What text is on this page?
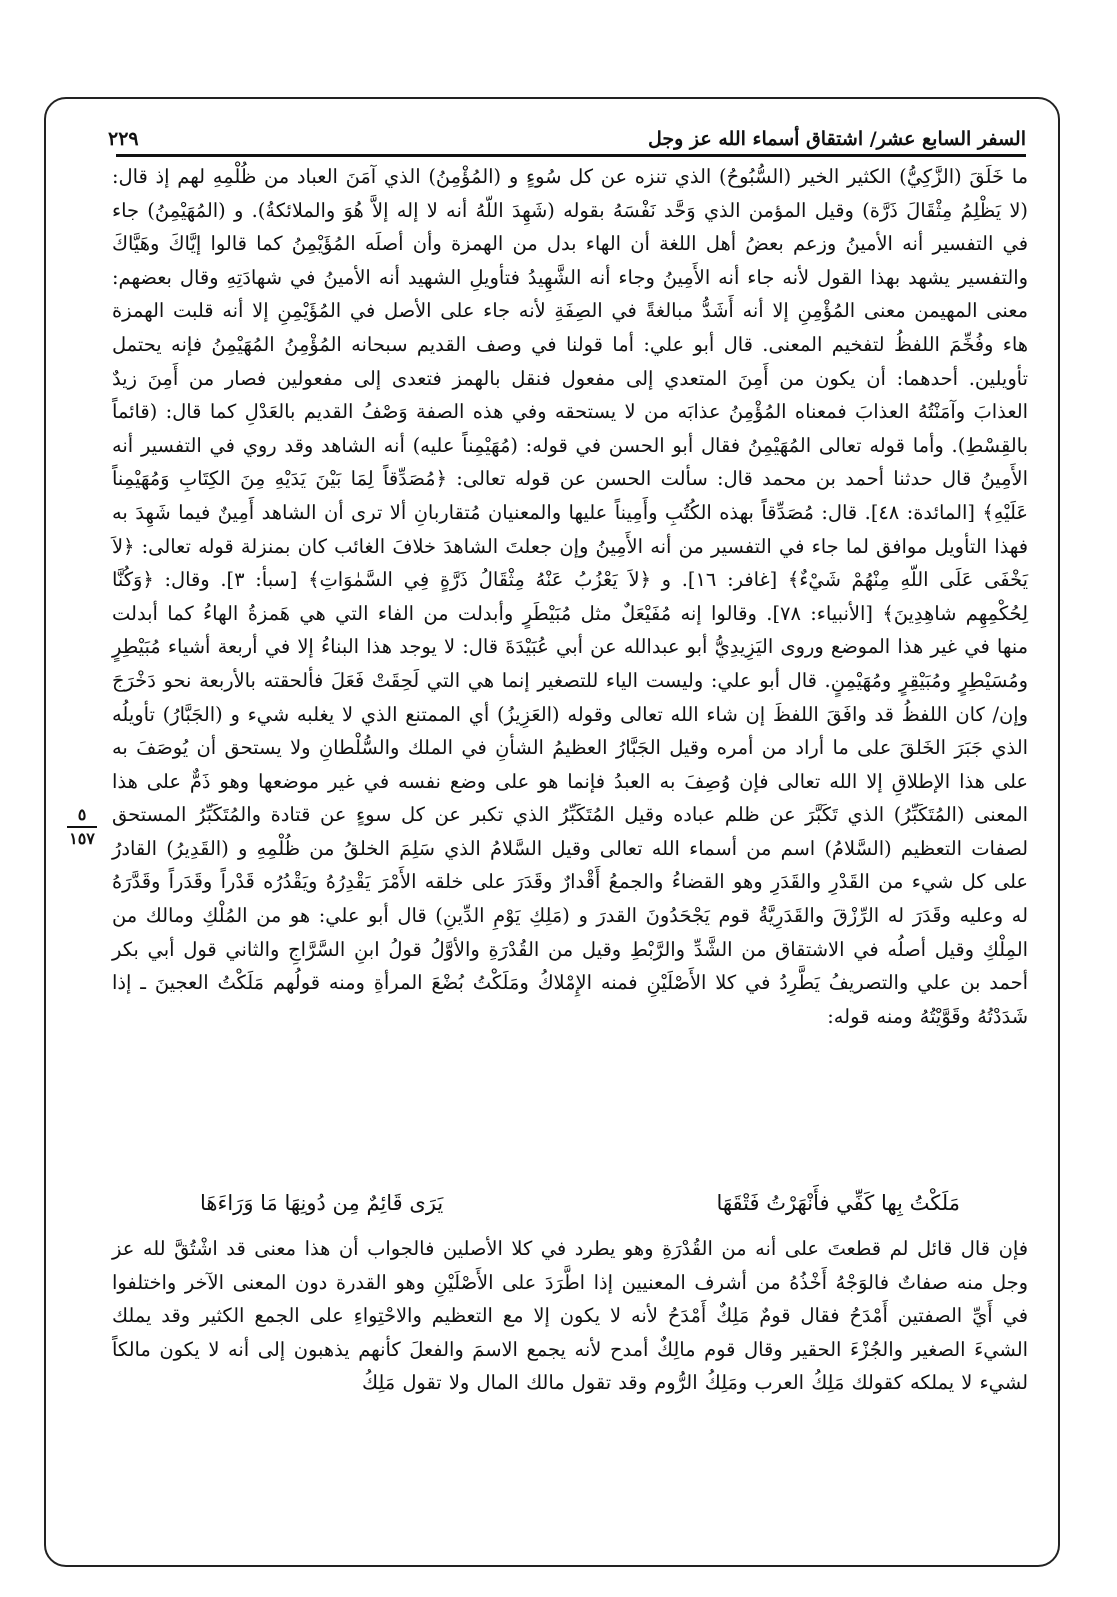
السفر السابع عشر/ اشتقاق أسماء الله عز وجل
٢٢٩

ما خَلَقَ (الزَّكِيُّ) الكثير الخير (السُّبُوحُ) الذي تنزه عن كل سُوءٍ و (المُؤْمِنُ) الذي آمَنَ العباد من ظُلْمِهِ لهم إذ قال: (لا يَظْلِمُ مِثْقَالَ ذَرَّة) وقيل المؤمن الذي وَحَّد نَفْسَهُ بقوله (شَهِدَ اللّهُ أنه لا إله إلاَّ هُوَ والملائكةُ). و (المُهَيْمِنُ) جاء في التفسير أنه الأمينُ وزعم بعضُ أهل اللغة أن الهاء بدل من الهمزة وأن أصلَه المُؤَيْمِنُ كما قالوا إيَّاكَ وهَيَّاكَ والتفسير يشهد بهذا القول لأنه جاء أنه الأَمِينُ وجاء أنه الشَّهِيدُ فتأويلِ الشهيد أنه الأمينُ في شهادَتِهِ وقال بعضهم: معنى المهيمن معنى المُؤْمِنِ إلا أنه أَشَدُّ مبالغةً في الصِفَةِ لأنه جاء على الأصل في المُؤَيْمِنِ إلا أنه قلبت الهمزة هاء وفُخِّمَ اللفظُ لتفخيم المعنى. قال أبو علي: أما قولنا في وصف القديم سبحانه المُؤْمِنُ المُهَيْمِنُ فإنه يحتمل تأويلين. أحدهما: أن يكون من أَمِنَ المتعدي إلى مفعول فنقل بالهمز فتعدى إلى مفعولين فصار من أَمِنَ زيدٌ العذابَ وآمَنْتُهُ العذابَ فمعناه المُؤْمِنُ عذابَه من لا يستحقه وفي هذه الصفة وَصْفُ القديم بالعَدْلِ كما قال: (قائماً بالقِسْطِ). وأما قوله تعالى المُهَيْمِنُ فقال أبو الحسن في قوله: (مُهَيْمِناً عليه) أنه الشاهد وقد روي في التفسير أنه الأَمِينُ قال حدثنا أحمد بن محمد قال: سألت الحسن عن قوله تعالى: ﴿مُصَدِّقاً لِمَا بَيْنَ يَدَيْهِ مِنَ الكِتَابِ وَمُهَيْمِناً عَلَيْهِ﴾ [المائدة: ٤٨]. قال: مُصَدِّقاً بهذه الكُتُبِ وأَمِيناً عليها والمعنيان مُتقاربانِ ألا ترى أن الشاهد أَمِينٌ فيما شَهِدَ به فهذا التأويل موافق لما جاء في التفسير من أنه الأَمِينُ وإن جعلتَ الشاهدَ خلافَ الغائب كان بمنزلة قوله تعالى: ﴿لاَ يَخْفَى عَلَى اللّهِ مِنْهُمْ شَيْءٌ﴾ [غافر: ١٦]. و ﴿لاَ يَعْزُبُ عَنْهُ مِثْقَالُ ذَرَّةٍ فِي السَّمٰوَاتِ﴾ [سبأ: ٣]. وقال: ﴿وَكُنَّا لِحُكْمِهِم شاهِدِينَ﴾ [الأنبياء: ٧٨]. وقالوا إنه مُفَيْعَلٌ مثل مُبَيْطَرٍ وأبدلت من الفاء التي هي هَمزةُ الهاءُ كما أبدلت منها في غير هذا الموضع وروى اليَزِيدِيُّ أبو عبدالله عن أبي عُبَيْدَةَ قال: لا يوجد هذا البناءُ إلا في أربعة أشياء مُبَيْطِرٍ ومُسَيْطِرٍ ومُبَيْقِرٍ ومُهَيْمِنٍ. قال أبو علي: وليست الياء للتصغير إنما هي التي لَحِقَتْ فَعَلَ فألحقته بالأربعة نحو دَخْرَجَ وإن/ كان اللفظُ قد وافَقَ اللفظَ إن شاء الله تعالى وقوله (العَزِيزُ) أي الممتنع الذي لا يغلبه شيء و (الجَبَّارُ) تأويلُه الذي جَبَرَ الخَلقَ على ما أراد من أمره وقيل الجَبَّارُ العظيمُ الشأنِ في الملك والسُّلْطانِ ولا يستحق أن يُوصَفَ به على هذا الإطلاقِ إلا الله تعالى فإن وُصِفَ به العبدُ فإنما هو على وضع نفسه في غير موضعها وهو ذَمٌّ على هذا المعنى (المُتَكَبِّرُ) الذي تَكَبَّرَ عن ظلم عباده وقيل المُتَكَبِّرُ الذي تكبر عن كل سوءٍ عن قتادة والمُتَكَبِّرُ المستحق لصفات التعظيم (السَّلامُ) اسم من أسماء الله تعالى وقيل السَّلامُ الذي سَلِمَ الخلقُ من ظُلْمِهِ و (القَدِيرُ) القادرُ على كل شيء من القَدْرِ والقَدَرِ وهو القضاءُ والجمعُ أَقْدارٌ وقَدَرَ على خلقه الأَمْرَ يَقْدِرُهُ ويَقْدُرُه قَدْراً وقَدَراً وقَدَّرَهُ له وعليه وقَدَرَ له الرِّزْقَ والقَدَرِيَّةُ قوم يَجْحَدُونَ القدرَ و (مَلِكِ يَوْمِ الدِّينِ) قال أبو علي: هو من المُلْكِ ومالك من المِلْكِ وقيل أصلُه في الاشتقاق من الشَّدِّ والرَّبْطِ وقيل من القُدْرَةِ والأوَّلُ قولُ ابنِ السَّرَّاجِ والثاني قول أبي بكر أحمد بن علي والتصريفُ يَطَّرِدُ في كلا الأَصْلَيْنِ فمنه الإِمْلاكُ ومَلَكْتُ بُضْعَ المرأةِ ومنه قولُهم مَلَكْتُ العجينَ ـ إذا شَدَدْتُهُ وقَوَّيْتُهُ ومنه قوله:

٥
١٥٧
مَلَكْتُ بِها كَفِّي فأَنْهَرْتُ فَتْقَهَا
يَرَى قَائِمٌ مِن دُونِهَا مَا وَرَاءَهَا

فإن قال قائل لم قطعتَ على أنه من القُدْرَةِ وهو يطرد في كلا الأصلين فالجواب أن هذا معنى قد اشْتُقَّ لله عز وجل منه صفاتٌ فالوَجْهُ أَخْذُهُ من أشرف المعنيين إذا اطَّرَدَ على الأَصْلَيْنِ وهو القدرة دون المعنى الآخر واختلفوا في أَيِّ الصفتين أَمْدَحُ فقال قومٌ مَلِكٌ أَمْدَحُ لأنه لا يكون إلا مع التعظيم والاحْتِواءِ على الجمع الكثير وقد يملك الشيءَ الصغير والجُزْءَ الحقير وقال قوم مالِكٌ أمدح لأنه يجمع الاسمَ والفعلَ كأنهم يذهبون إلى أنه لا يكون مالكاً لشيء لا يملكه كقولك مَلِكُ العرب ومَلِكُ الرُّوم وقد تقول مالك المال ولا تقول مَلِكُ
